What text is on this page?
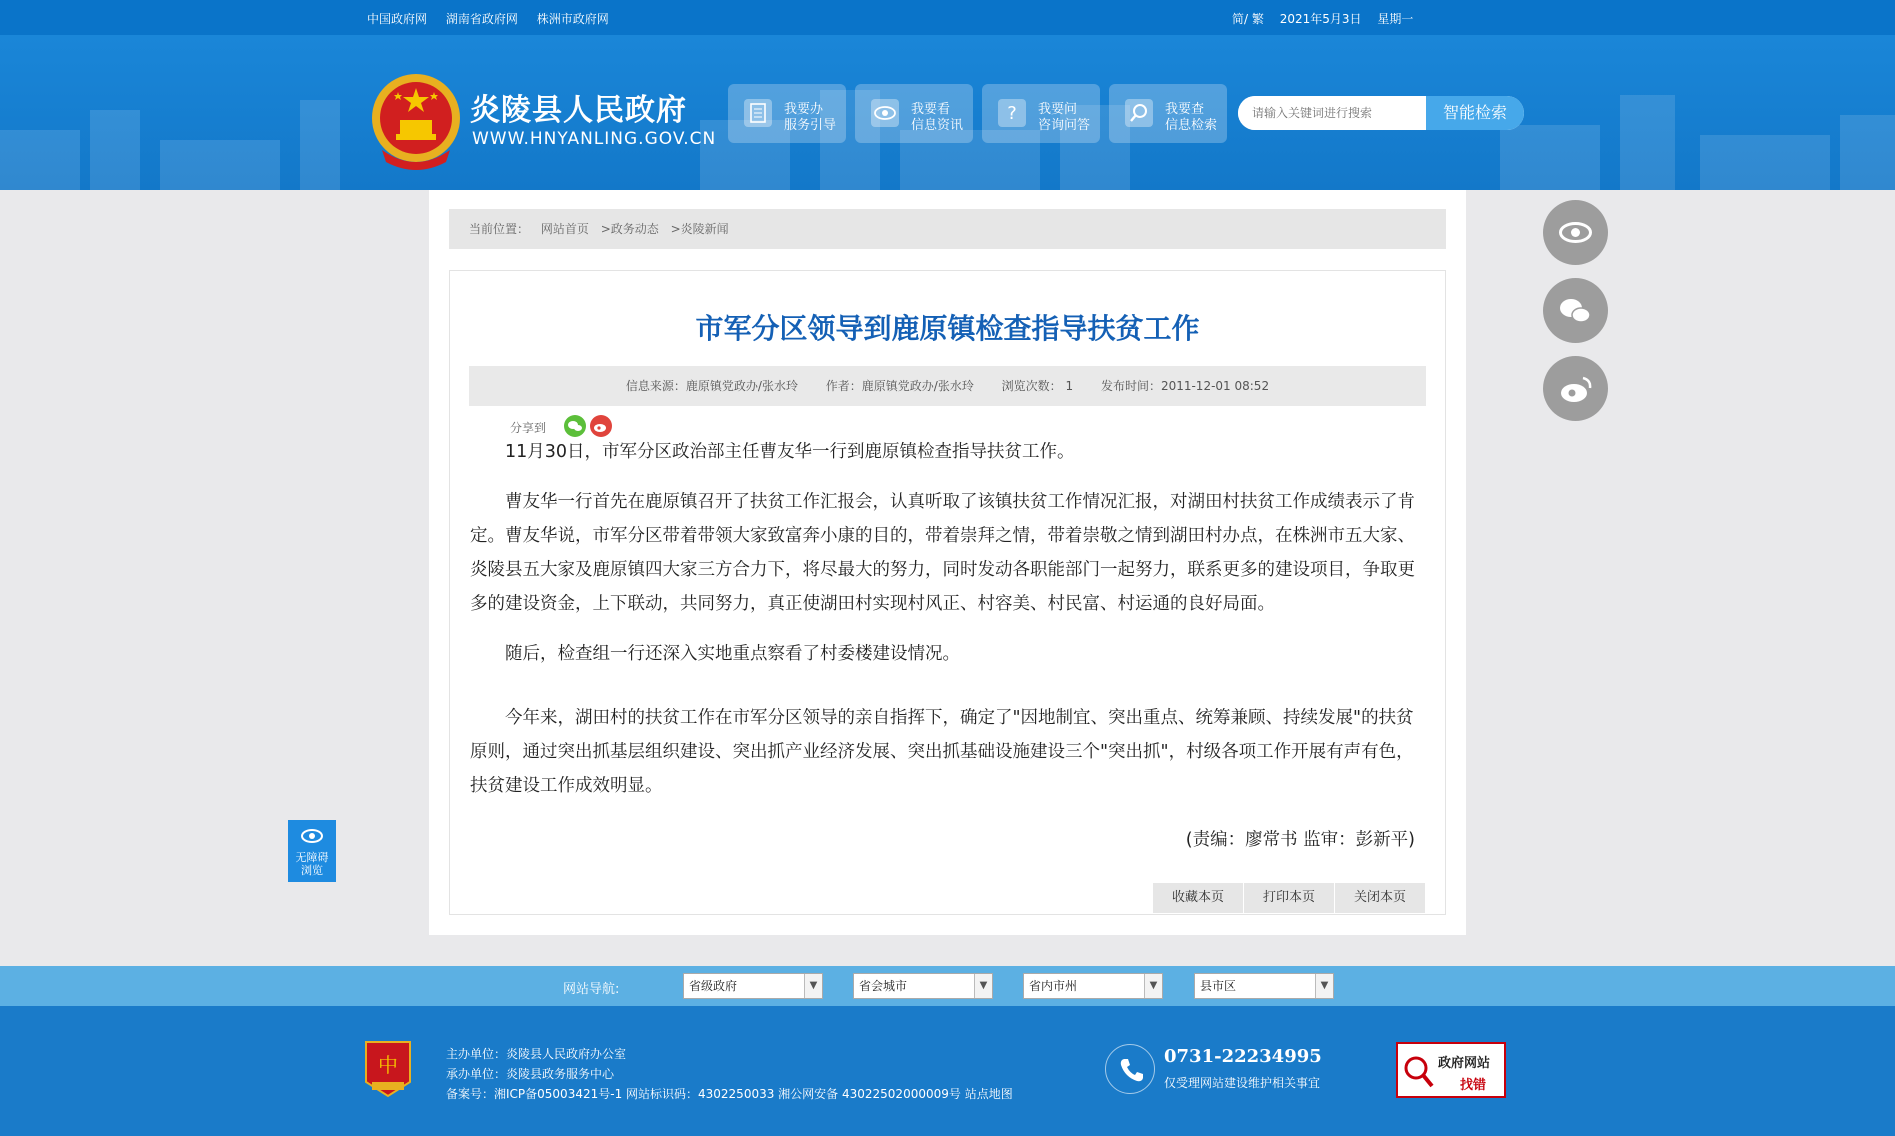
中国政府网 湖南省政府网 株洲市政府网	简/ 繁 2021年5月3日 星期一
炎陵县人民政府
WWW.HNYANLING.GOV.CN
我要办
服务引导
我要看
信息资讯
? 我要问
咨询问答
我要查
信息检索
请输入关键词进行搜索
智能检索
当前位置： 网站首页 >政务动态 >炎陵新闻
市军分区领导到鹿原镇检查指导扶贫工作
信息来源：鹿原镇党政办/张水玲 作者：鹿原镇党政办/张水玲 浏览次数： 1 发布时间：2011-12-01 08:52
分享到

11月30日，市军分区政治部主任曹友华一行到鹿原镇检查指导扶贫工作。

曹友华一行首先在鹿原镇召开了扶贫工作汇报会，认真听取了该镇扶贫工作情况汇报，对湖田村扶贫工作成绩表示了肯定。曹友华说，市军分区带着带领大家致富奔小康的目的，带着崇拜之情，带着崇敬之情到湖田村办点，在株洲市五大家、炎陵县五大家及鹿原镇四大家三方合力下，将尽最大的努力，同时发动各职能部门一起努力，联系更多的建设项目，争取更多的建设资金，上下联动，共同努力，真正使湖田村实现村风正、村容美、村民富、村运通的良好局面。

随后，检查组一行还深入实地重点察看了村委楼建设情况。

今年来，湖田村的扶贫工作在市军分区领导的亲自指挥下，确定了"因地制宜、突出重点、统筹兼顾、持续发展"的扶贫原则，通过突出抓基层组织建设、突出抓产业经济发展、突出抓基础设施建设三个"突出抓"，村级各项工作开展有声有色，扶贫建设工作成效明显。

(责编：廖常书 监审：彭新平)
收藏本页	打印本页	关闭本页
无障碍
浏览
网站导航:	省级政府	▼	省会城市	▼	省内市州	▼	县市区	▼
中	主办单位：炎陵县人民政府办公室
承办单位：炎陵县政务服务中心
备案号：湘ICP备05003421号-1 网站标识码：4302250033 湘公网安备 43022502000009号 站点地图
0731-22234995
仅受理网站建设维护相关事宜
政府网站
找错
